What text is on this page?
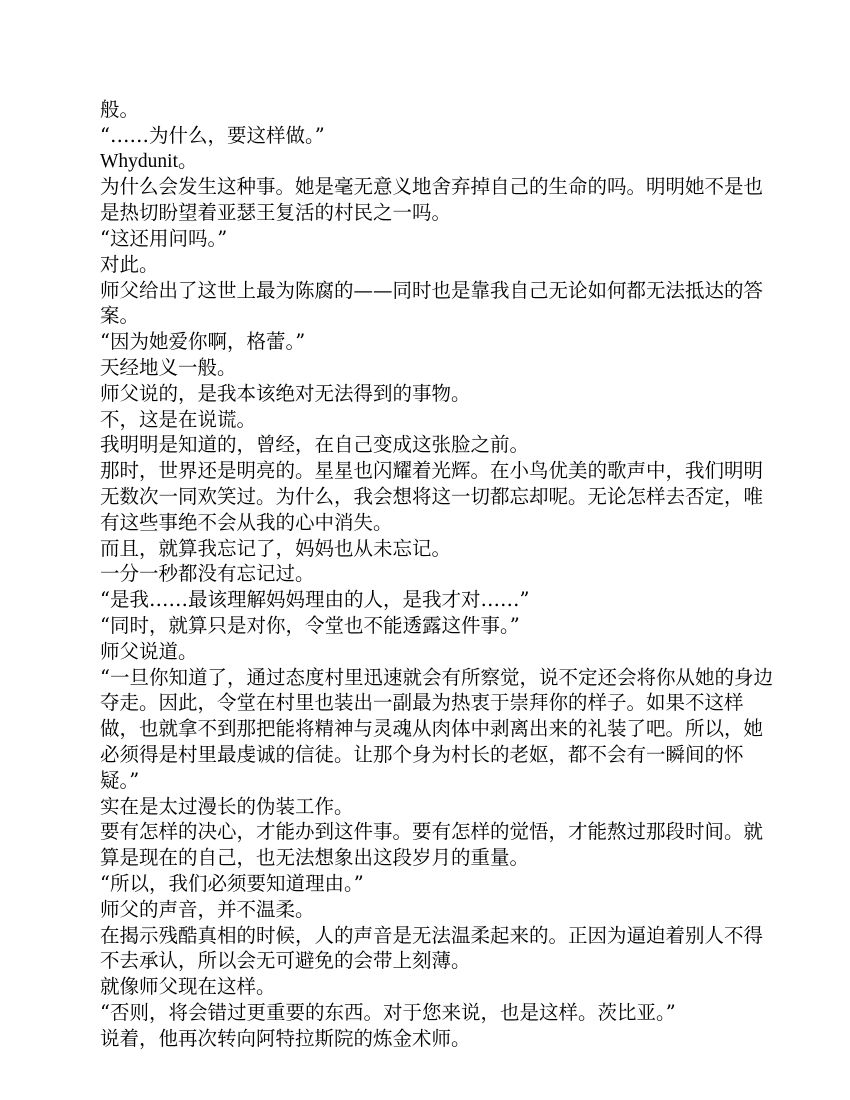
般。

“……为什么，要这样做。”

Whydunit。

为什么会发生这种事。她是毫无意义地舍弃掉自己的生命的吗。明明她不是也是热切盼望着亚瑟王复活的村民之一吗。

“这还用问吗。”

对此。

师父给出了这世上最为陈腐的——同时也是靠我自己无论如何都无法抵达的答案。

“因为她爱你啊，格蕾。”

天经地义一般。

师父说的，是我本该绝对无法得到的事物。

不，这是在说谎。

我明明是知道的，曾经，在自己变成这张脸之前。

那时，世界还是明亮的。星星也闪耀着光辉。在小鸟优美的歌声中，我们明明无数次一同欢笑过。为什么，我会想将这一切都忘却呢。无论怎样去否定，唯有这些事绝不会从我的心中消失。

而且，就算我忘记了，妈妈也从未忘记。

一分一秒都没有忘记过。

“是我……最该理解妈妈理由的人，是我才对……”

“同时，就算只是对你，令堂也不能透露这件事。”

师父说道。

“一旦你知道了，通过态度村里迅速就会有所察觉，说不定还会将你从她的身边夺走。因此，令堂在村里也装出一副最为热衷于崇拜你的样子。如果不这样做，也就拿不到那把能将精神与灵魂从肉体中剥离出来的礼装了吧。所以，她必须得是村里最虔诚的信徒。让那个身为村长的老妪，都不会有一瞬间的怀疑。”

实在是太过漫长的伪装工作。

要有怎样的决心，才能办到这件事。要有怎样的觉悟，才能熬过那段时间。就算是现在的自己，也无法想象出这段岁月的重量。

“所以，我们必须要知道理由。”

师父的声音，并不温柔。

在揭示残酷真相的时候，人的声音是无法温柔起来的。正因为逼迫着别人不得不去承认，所以会无可避免的会带上刻薄。

就像师父现在这样。

“否则，将会错过更重要的东西。对于您来说，也是这样。茨比亚。”

说着，他再次转向阿特拉斯院的炼金术师。
